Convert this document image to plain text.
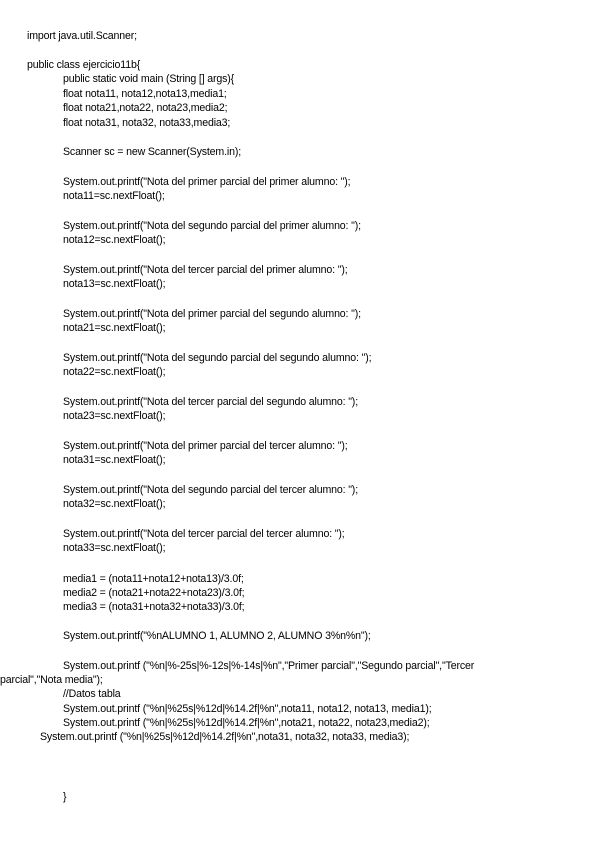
import java.util.Scanner;

public class ejercicio11b{

public static void main (String [] args){

float nota11, nota12,nota13,media1;

float nota21,nota22, nota23,media2;

float nota31, nota32, nota33,media3;

Scanner sc = new Scanner(System.in);

System.out.printf("Nota del primer parcial del primer alumno: ");

nota11=sc.nextFloat();

System.out.printf("Nota del segundo parcial del primer alumno: ");

nota12=sc.nextFloat();

System.out.printf("Nota del tercer parcial del primer alumno: ");

nota13=sc.nextFloat();

System.out.printf("Nota del primer parcial del segundo alumno: ");

nota21=sc.nextFloat();

System.out.printf("Nota del segundo parcial del segundo alumno: ");

nota22=sc.nextFloat();

System.out.printf("Nota del tercer parcial del segundo alumno: ");

nota23=sc.nextFloat();

System.out.printf("Nota del primer parcial del tercer alumno: ");

nota31=sc.nextFloat();

System.out.printf("Nota del segundo parcial del tercer alumno: ");

nota32=sc.nextFloat();

System.out.printf("Nota del tercer parcial del tercer alumno: ");

nota33=sc.nextFloat();

media1 = (nota11+nota12+nota13)/3.0f;

media2 = (nota21+nota22+nota23)/3.0f;

media3 = (nota31+nota32+nota33)/3.0f;

System.out.printf("%nALUMNO 1, ALUMNO 2, ALUMNO 3%n%n");

System.out.printf ("%n|%-25s|%-12s|%-14s|%n","Primer parcial","Segundo parcial","Tercer

parcial","Nota media");

//Datos tabla

System.out.printf ("%n|%25s|%12d|%14.2f|%n",nota11, nota12, nota13, media1);

System.out.printf ("%n|%25s|%12d|%14.2f|%n",nota21, nota22, nota23,media2);

System.out.printf ("%n|%25s|%12d|%14.2f|%n",nota31, nota32, nota33, media3);

}
